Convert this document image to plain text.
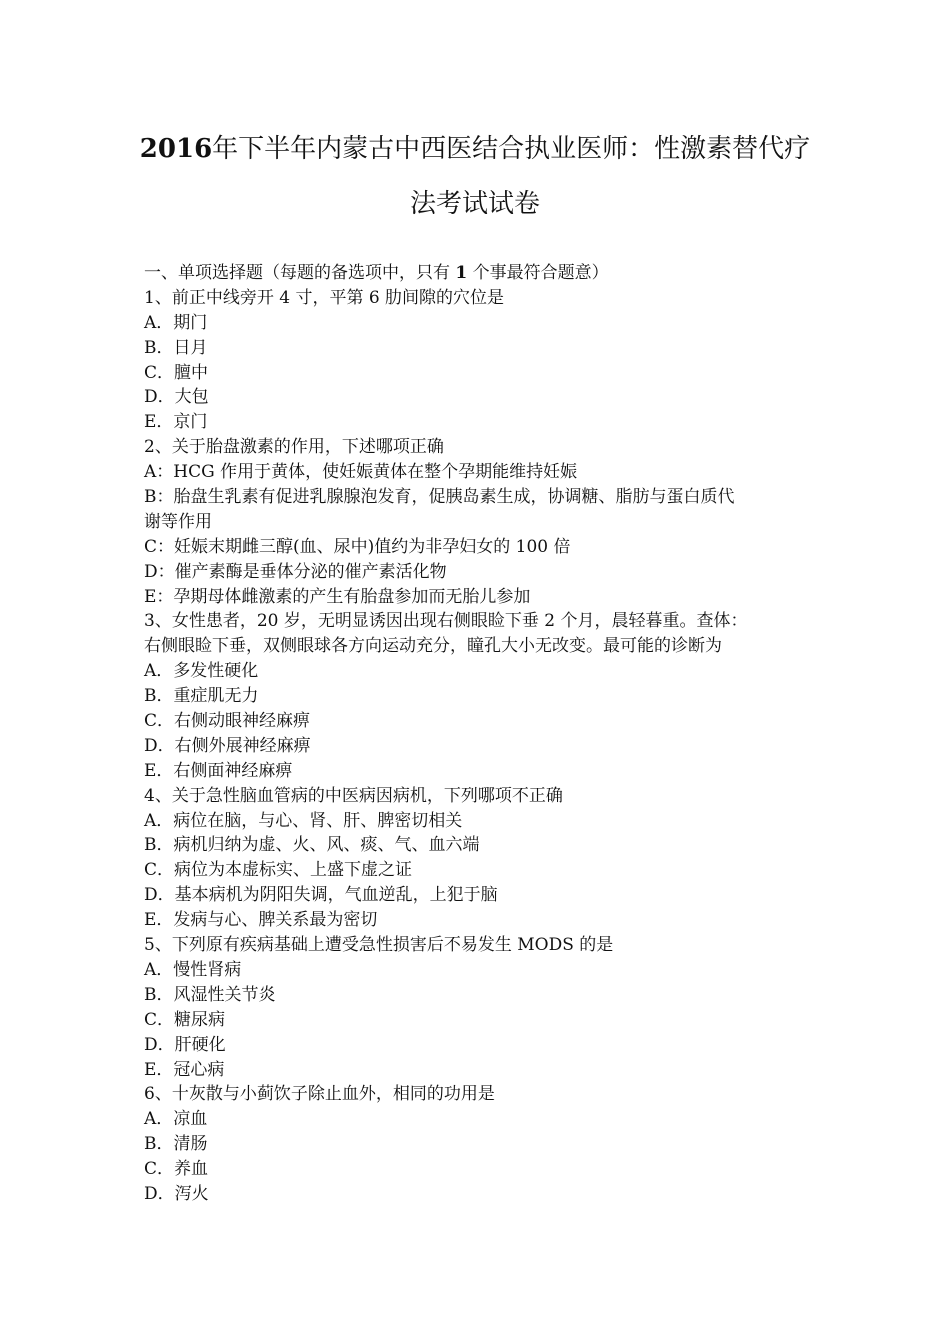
2016年下半年内蒙古中西医结合执业医师：性激素替代疗
法考试试卷
一、单项选择题（每题的备选项中，只有 1 个事最符合题意）
1、前正中线旁开 4 寸，平第 6 肋间隙的穴位是
A．期门
B．日月
C．膻中
D．大包
E．京门
2、关于胎盘激素的作用，下述哪项正确
A：HCG 作用于黄体，使妊娠黄体在整个孕期能维持妊娠
B：胎盘生乳素有促进乳腺腺泡发育，促胰岛素生成，协调糖、脂肪与蛋白质代
谢等作用
C：妊娠末期雌三醇(血、尿中)值约为非孕妇女的 100 倍
D：催产素酶是垂体分泌的催产素活化物
E：孕期母体雌激素的产生有胎盘参加而无胎儿参加
3、女性患者，20 岁，无明显诱因出现右侧眼睑下垂 2 个月，晨轻暮重。查体：
右侧眼睑下垂，双侧眼球各方向运动充分，瞳孔大小无改变。最可能的诊断为
A．多发性硬化
B．重症肌无力
C．右侧动眼神经麻痹
D．右侧外展神经麻痹
E．右侧面神经麻痹
4、关于急性脑血管病的中医病因病机，下列哪项不正确
A．病位在脑，与心、肾、肝、脾密切相关
B．病机归纳为虚、火、风、痰、气、血六端
C．病位为本虚标实、上盛下虚之证
D．基本病机为阴阳失调，气血逆乱，上犯于脑
E．发病与心、脾关系最为密切
5、下列原有疾病基础上遭受急性损害后不易发生 MODS 的是
A．慢性肾病
B．风湿性关节炎
C．糖尿病
D．肝硬化
E．冠心病
6、十灰散与小蓟饮子除止血外，相同的功用是
A．凉血
B．清肠
C．养血
D．泻火
